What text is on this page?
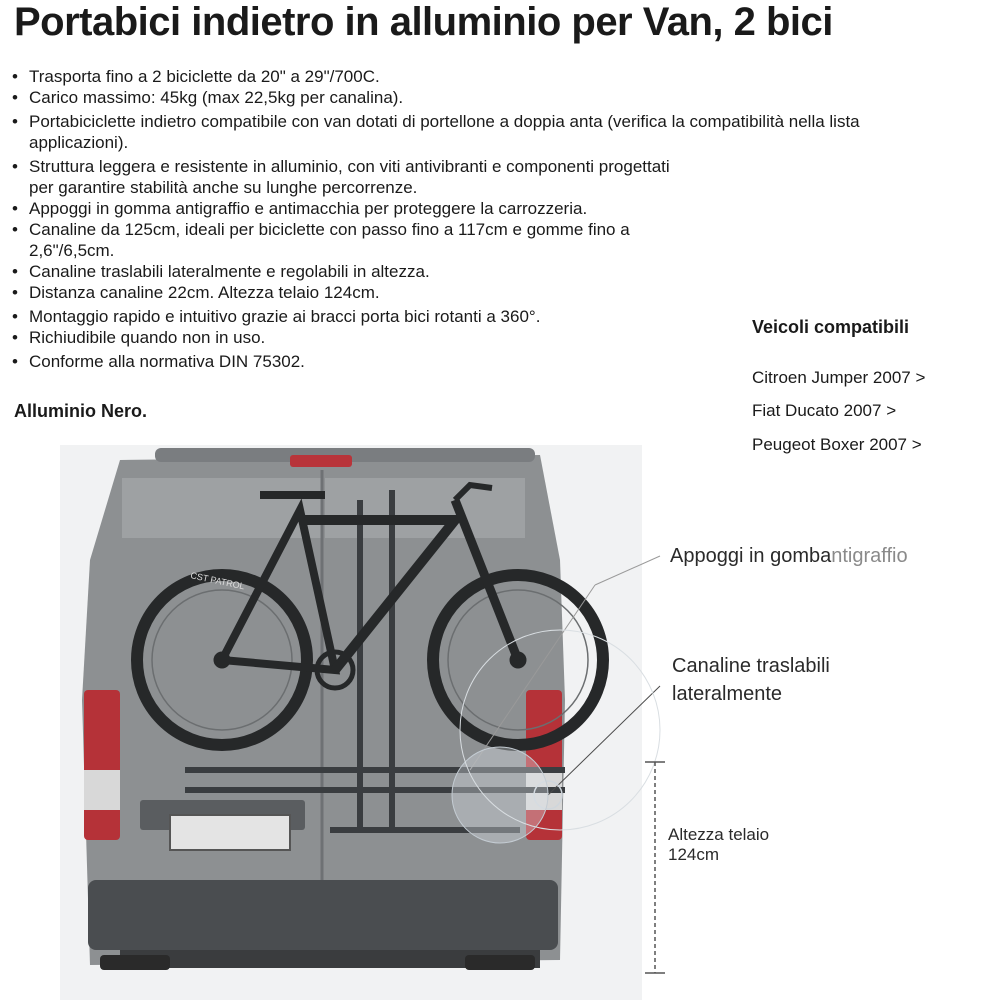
Portabici indietro in alluminio per Van, 2 bici
• Trasporta fino a 2 biciclette da 20" a 29"/700C.
• Carico massimo: 45kg (max 22,5kg per canalina).
• Portabiciclette indietro compatibile con van dotati di portellone a doppia anta (verifica la compatibilità nella lista applicazioni).
• Struttura leggera e resistente in alluminio, con viti antivibranti e componenti progettati per garantire stabilità anche su lunghe percorrenze.
• Appoggi in gomma antigraffio e antimacchia per proteggere la carrozzeria.
• Canaline da 125cm, ideali per biciclette con passo fino a 117cm e gomme fino a 2,6"/6,5cm.
• Canaline traslabili lateralmente e regolabili in altezza.
• Distanza canaline 22cm. Altezza telaio 124cm.
• Montaggio rapido e intuitivo grazie ai bracci porta bici rotanti a 360°.
• Richiudibile quando non in uso.
• Conforme alla normativa DIN 75302.
Alluminio Nero.
Veicoli compatibili
Citroen Jumper 2007 >
Fiat Ducato 2007 >
Peugeot Boxer 2007 >
CST PATROL
Appoggi in gombantigraffio
Canaline traslabili
lateralmente
Altezza telaio
124cm
